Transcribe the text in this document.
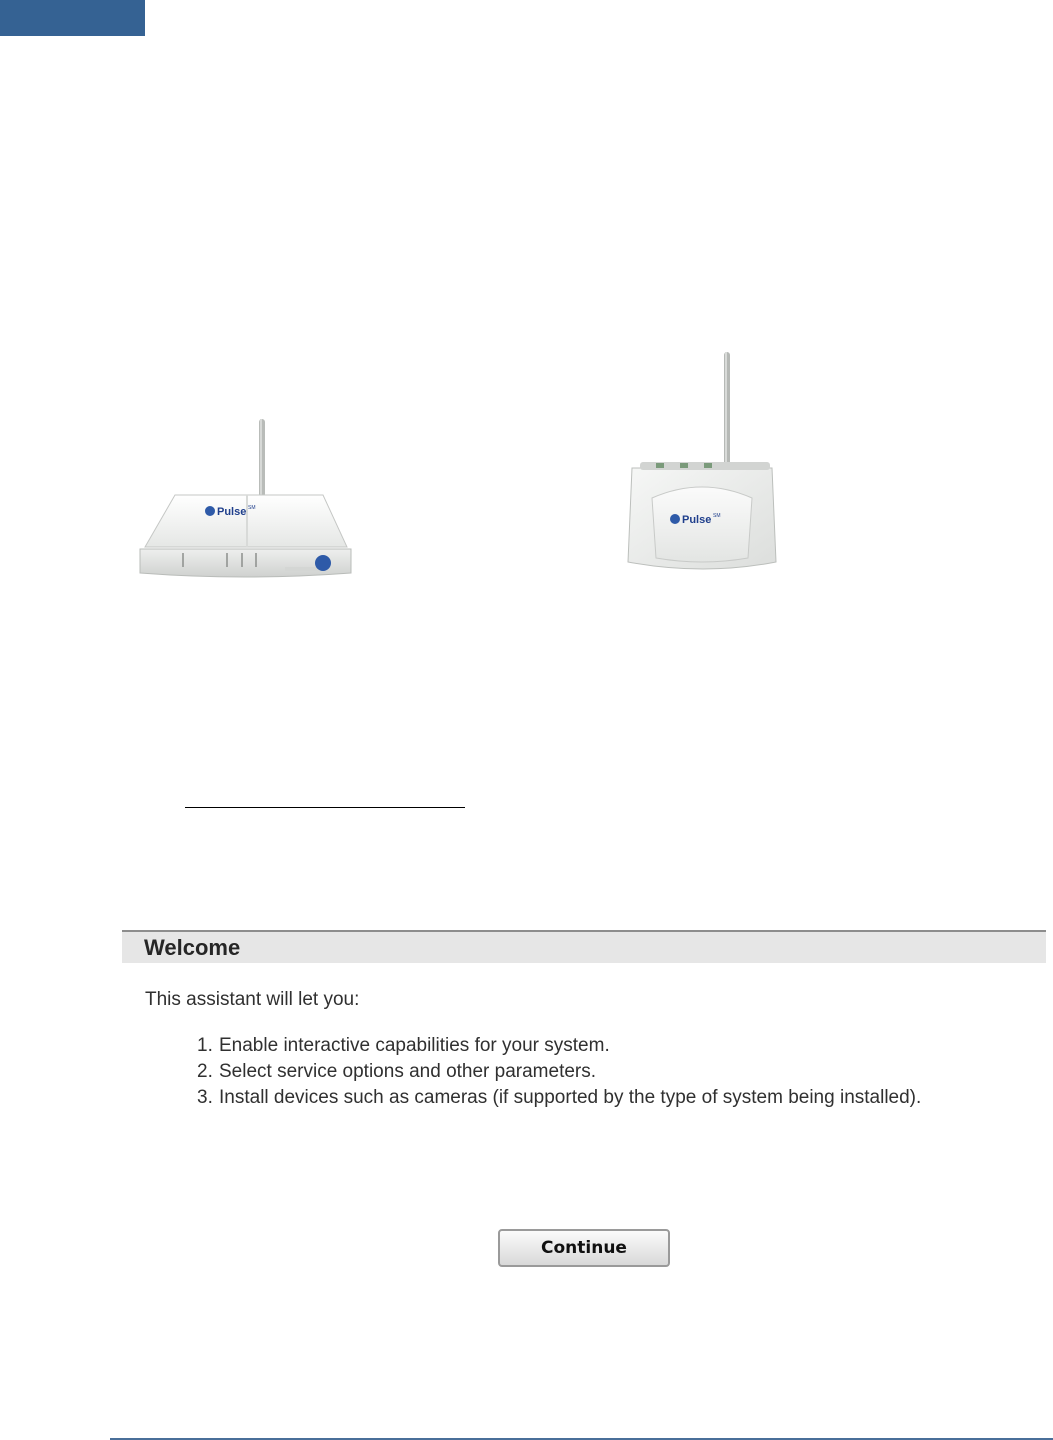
Pulse SM
Pulse SM
Welcome

This assistant will let you:

1. Enable interactive capabilities for your system.
2. Select service options and other parameters.
3. Install devices such as cameras (if supported by the type of system being installed).
Continue
